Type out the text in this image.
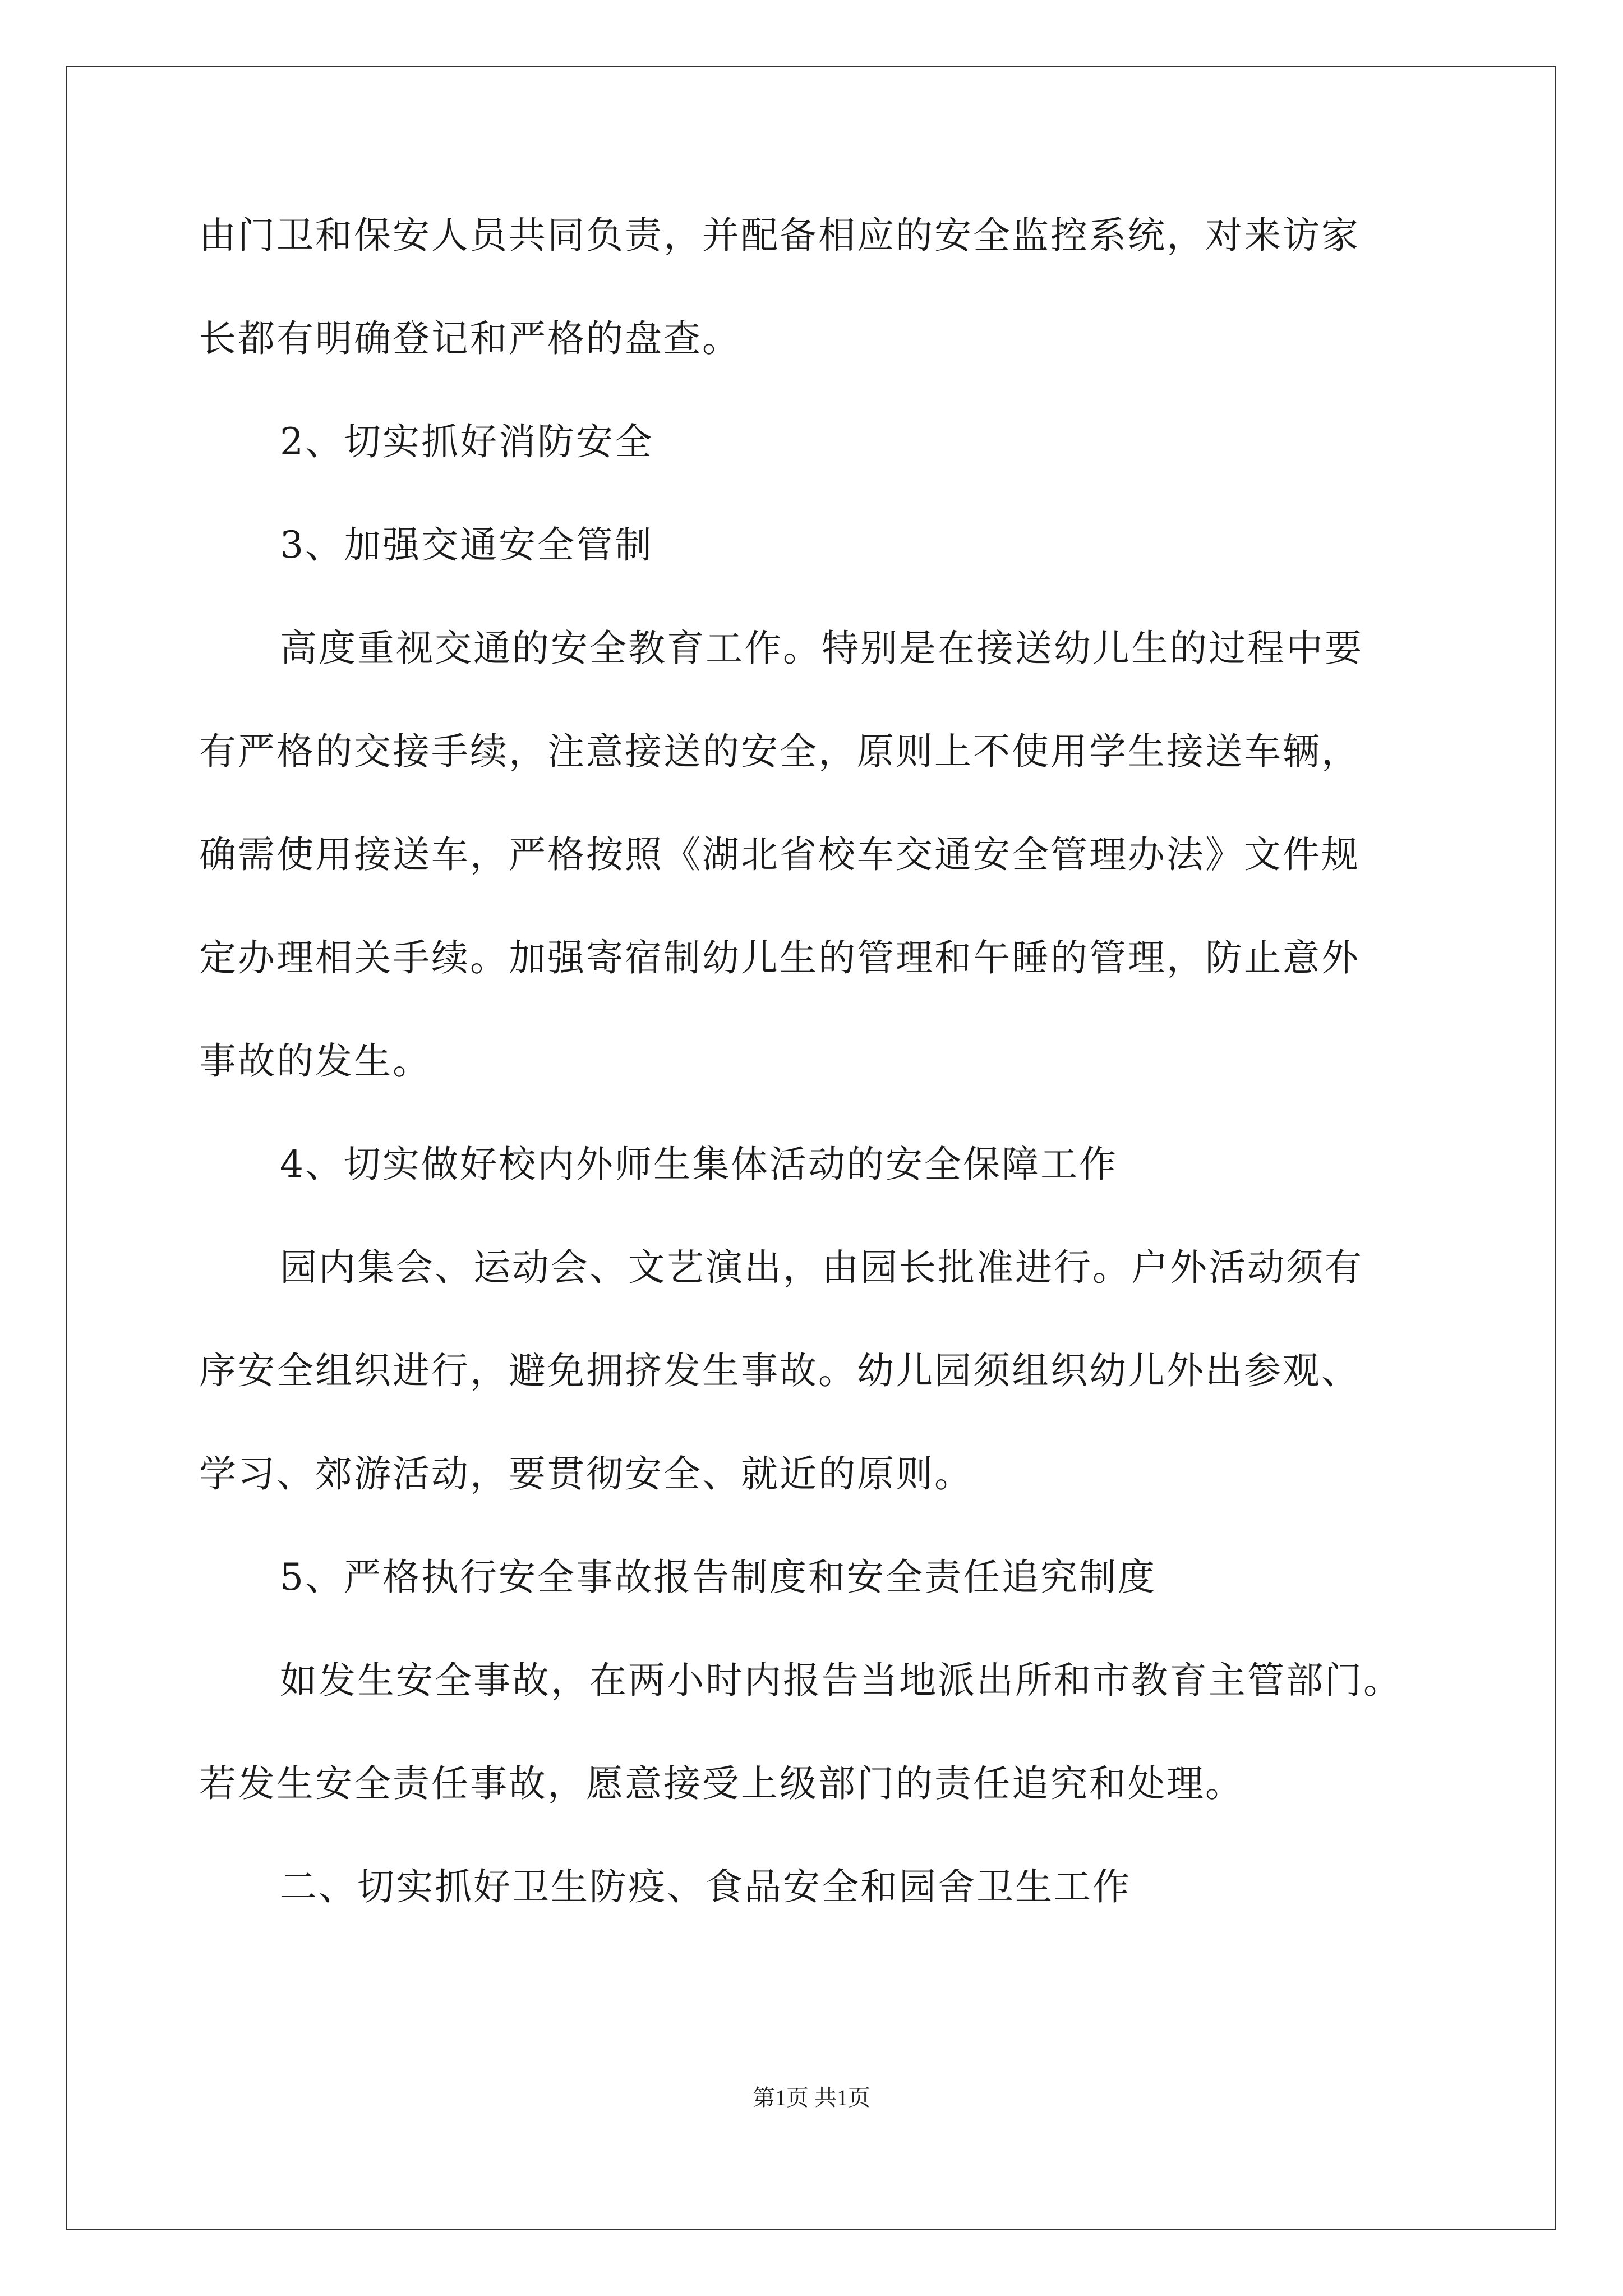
由门卫和保安人员共同负责，并配备相应的安全监控系统，对来访家
长都有明确登记和严格的盘查。
2、切实抓好消防安全
3、加强交通安全管制
高度重视交通的安全教育工作。特别是在接送幼儿生的过程中要
有严格的交接手续，注意接送的安全，原则上不使用学生接送车辆，
确需使用接送车，严格按照《湖北省校车交通安全管理办法》文件规
定办理相关手续。加强寄宿制幼儿生的管理和午睡的管理，防止意外
事故的发生。
4、切实做好校内外师生集体活动的安全保障工作
园内集会、运动会、文艺演出，由园长批准进行。户外活动须有
序安全组织进行，避免拥挤发生事故。幼儿园须组织幼儿外出参观、
学习、郊游活动，要贯彻安全、就近的原则。
5、严格执行安全事故报告制度和安全责任追究制度
如发生安全事故，在两小时内报告当地派出所和市教育主管部门。
若发生安全责任事故，愿意接受上级部门的责任追究和处理。
二、切实抓好卫生防疫、食品安全和园舍卫生工作
第1页 共1页
